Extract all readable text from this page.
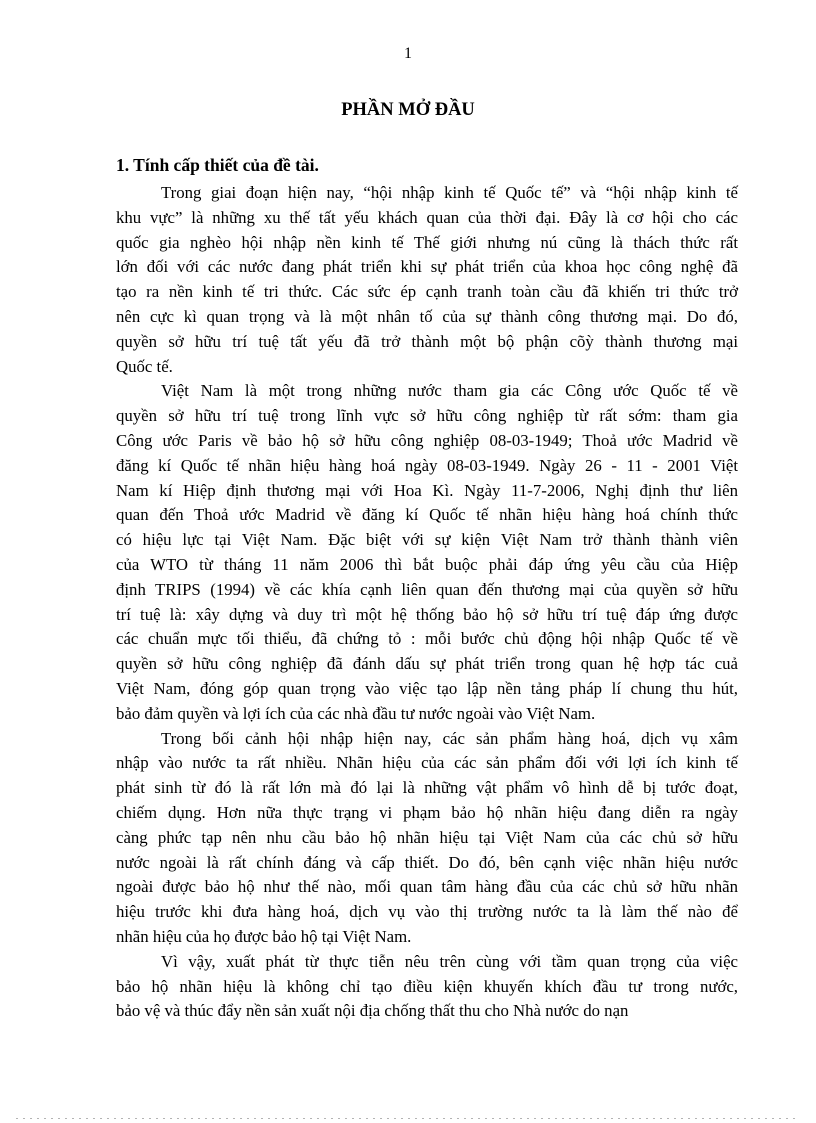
1
PHẦN MỞ ĐẦU
1. Tính cấp thiết của đề tài.
Trong giai đoạn hiện nay, “hội nhập kinh tế Quốc tế” và “hội nhập kinh tế
khu vực” là những xu thế tất yếu khách quan của thời đại. Đây là cơ hội cho các
quốc gia nghèo hội nhập nền kinh tế Thế giới nhưng nú cũng là thách thức rất
lớn đối với các nước đang phát triển khi sự phát triển của khoa học công nghệ đã
tạo ra nền kinh tế tri thức. Các sức ép cạnh tranh toàn cầu đã khiến tri thức trở
nên cực kì quan trọng và là một nhân tố của sự thành công thương mại. Do đó,
quyền sở hữu trí tuệ tất yếu đã trở thành một bộ phận cõỳ thành thương mại
Quốc tế.
Việt Nam là một trong những nước tham gia các Công ước Quốc tế về
quyền sở hữu trí tuệ trong lĩnh vực sở hữu công nghiệp từ rất sớm: tham gia
Công ước Paris về bảo hộ sở hữu công nghiệp 08-03-1949; Thoả ước Madrid về
đăng kí Quốc tế nhãn hiệu hàng hoá ngày 08-03-1949. Ngày 26 - 11 - 2001 Việt
Nam kí Hiệp định thương mại với Hoa Kì. Ngày 11-7-2006, Nghị định thư liên
quan đến Thoả ước Madrid về đăng kí Quốc tế nhãn hiệu hàng hoá chính thức
có hiệu lực tại Việt Nam. Đặc biệt với sự kiện Việt Nam trở thành thành viên
của WTO từ tháng 11 năm 2006 thì bắt buộc phải đáp ứng yêu cầu của Hiệp
định TRIPS (1994) về các khía cạnh liên quan đến thương mại của quyền sở hữu
trí tuệ là: xây dựng và duy trì một hệ thống bảo hộ sở hữu trí tuệ đáp ứng được
các chuẩn mực tối thiểu, đã chứng tỏ : mỗi bước chủ động hội nhập Quốc tế về
quyền sở hữu công nghiệp đã đánh dấu sự phát triển trong quan hệ hợp tác cuả
Việt Nam, đóng góp quan trọng vào việc tạo lập nền tảng pháp lí chung thu hút,
bảo đảm quyền và lợi ích của các nhà đầu tư nước ngoài vào Việt Nam.
Trong bối cảnh hội nhập hiện nay, các sản phẩm hàng hoá, dịch vụ xâm
nhập vào nước ta rất nhiều. Nhãn hiệu của các sản phẩm đối với lợi ích kinh tế
phát sinh từ đó là rất lớn mà đó lại là những vật phẩm vô hình dễ bị tước đoạt,
chiếm dụng. Hơn nữa thực trạng vi phạm bảo hộ nhãn hiệu đang diễn ra ngày
càng phức tạp nên nhu cầu bảo hộ nhãn hiệu tại Việt Nam của các chủ sở hữu
nước ngoài là rất chính đáng và cấp thiết. Do đó, bên cạnh việc nhãn hiệu nước
ngoài được bảo hộ như thế nào, mối quan tâm hàng đầu của các chủ sở hữu nhãn
hiệu trước khi đưa hàng hoá, dịch vụ vào thị trường nước ta là làm thế nào để
nhãn hiệu của họ được bảo hộ tại Việt Nam.
Vì vậy, xuất phát từ thực tiễn nêu trên cùng với tầm quan trọng của việc
bảo hộ nhãn hiệu là không chỉ tạo điều kiện khuyến khích đầu tư trong nước,
bảo vệ và thúc đẩy nền sản xuất nội địa chống thất thu cho Nhà nước do nạn
